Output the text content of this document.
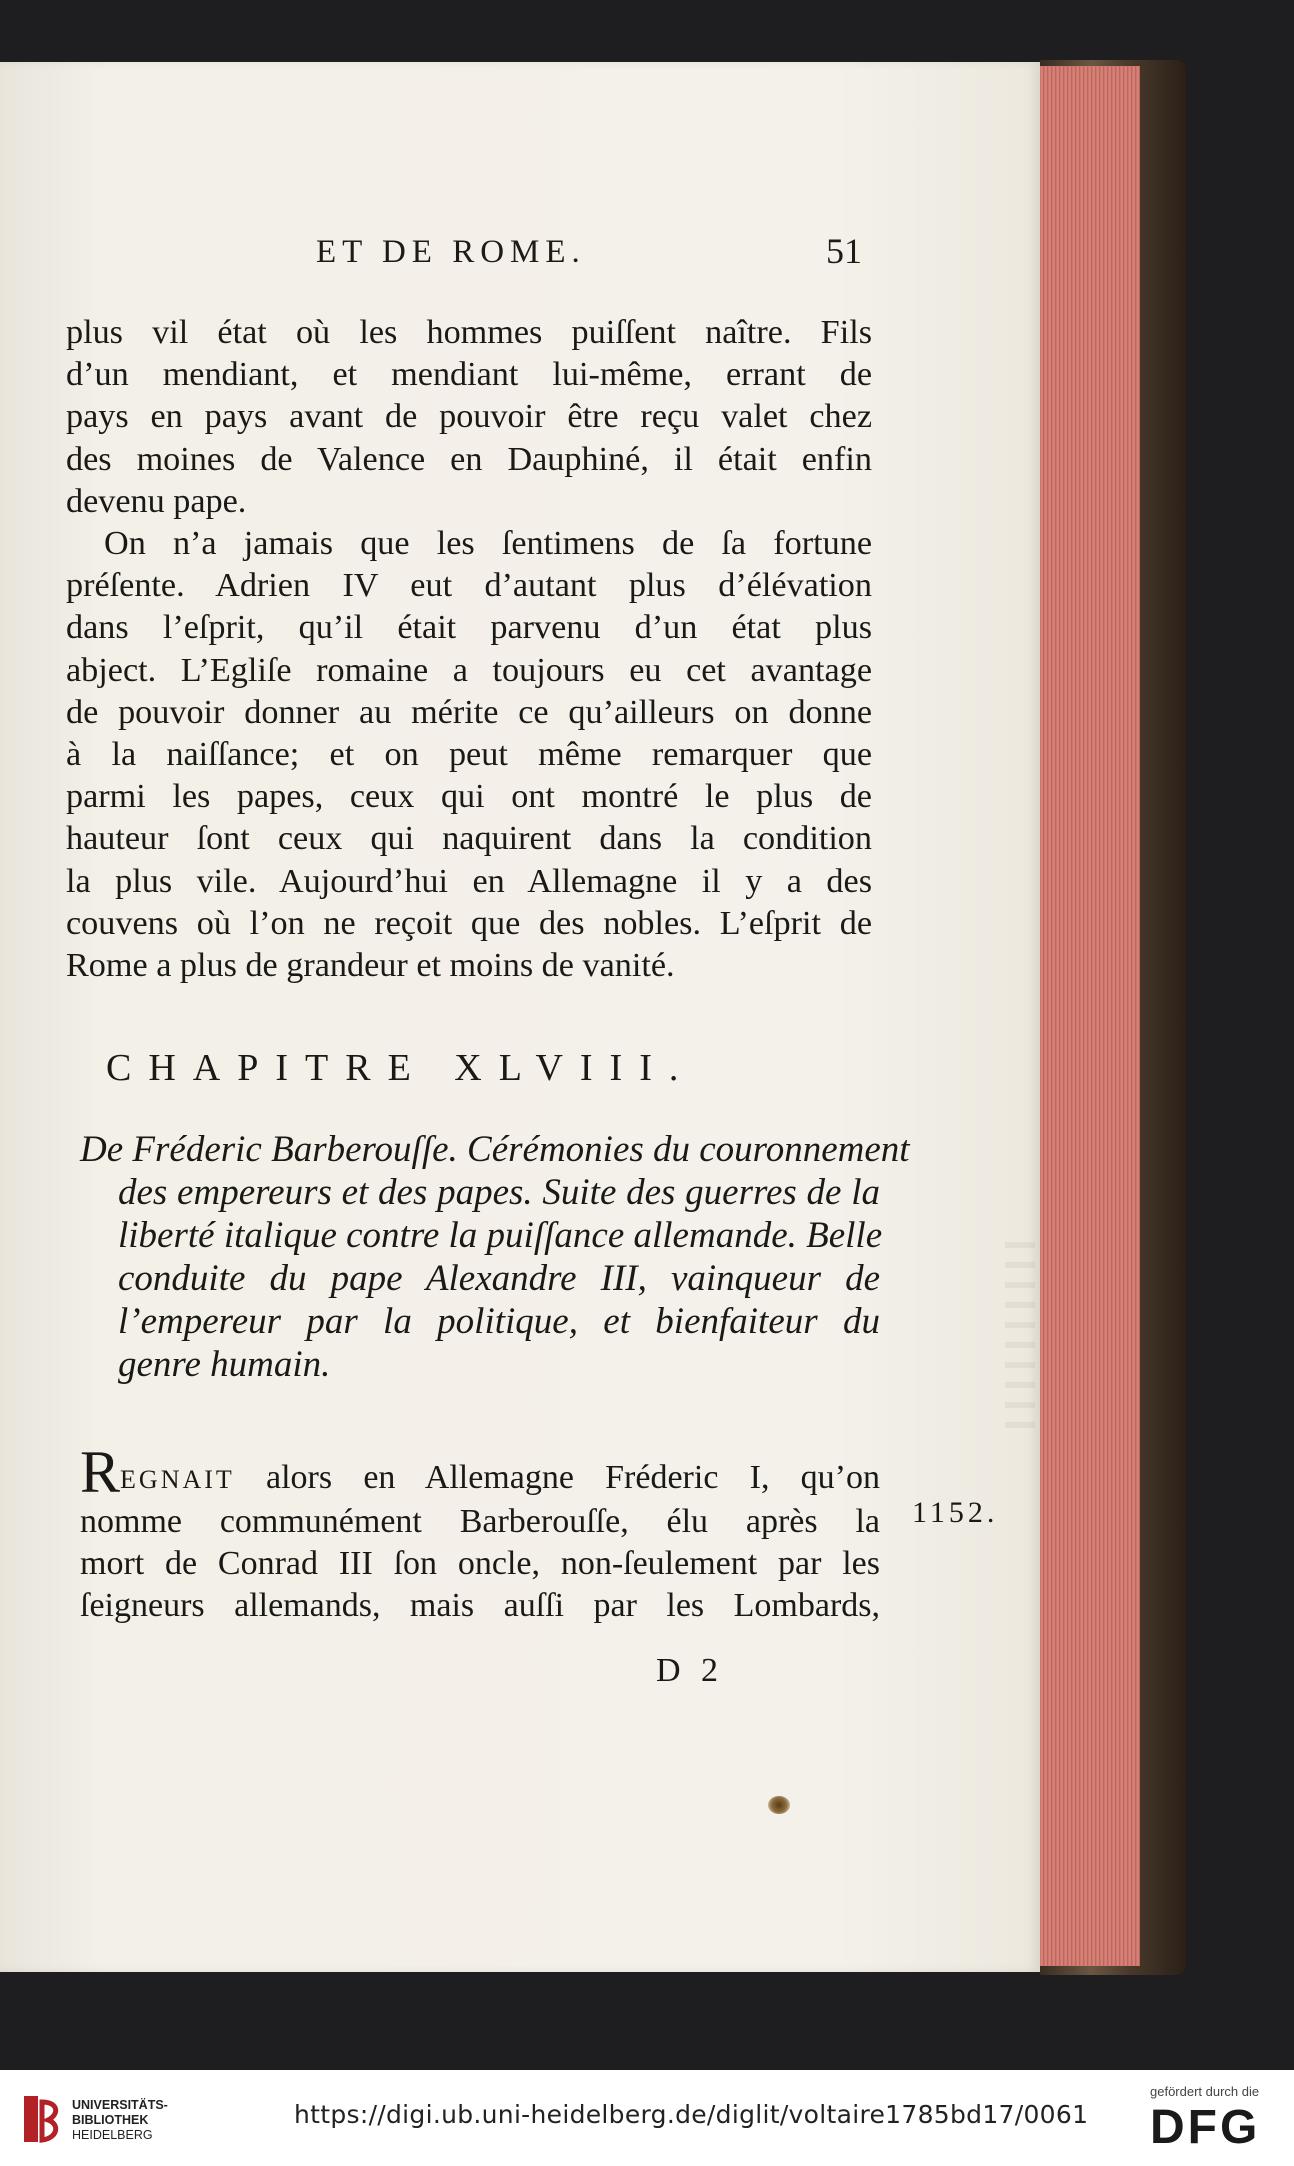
ET DE ROME.	51
plus vil état où les hommes puiſſent naître. Fils
d’un mendiant, et mendiant lui-même, errant de
pays en pays avant de pouvoir être reçu valet chez
des moines de Valence en Dauphiné, il était enfin
devenu pape.
On n’a jamais que les ſentimens de ſa fortune
préſente. Adrien IV eut d’autant plus d’élévation
dans l’eſprit, qu’il était parvenu d’un état plus
abject. L’Egliſe romaine a toujours eu cet avantage
de pouvoir donner au mérite ce qu’ailleurs on donne
à la naiſſance; et on peut même remarquer que
parmi les papes, ceux qui ont montré le plus de
hauteur ſont ceux qui naquirent dans la condition
la plus vile. Aujourd’hui en Allemagne il y a des
couvens où l’on ne reçoit que des nobles. L’eſprit de
Rome a plus de grandeur et moins de vanité.
CHAPITRE XLVIII.
De Fréderic Barberouſſe. Cérémonies du couronnement
des empereurs et des papes. Suite des guerres de la
liberté italique contre la puiſſance allemande. Belle
conduite du pape Alexandre III, vainqueur de
l’empereur par la politique, et bienfaiteur du
genre humain.
REGNAIT alors en Allemagne Fréderic I, qu’on
nomme communément Barberouſſe, élu après la
mort de Conrad III ſon oncle, non-ſeulement par les
ſeigneurs allemands, mais auſſi par les Lombards,
1152.
D 2
UNIVERSITÄTS-
BIBLIOTHEK
HEIDELBERG
https://digi.ub.uni-heidelberg.de/diglit/voltaire1785bd17/0061
gefördert durch die
DFG
